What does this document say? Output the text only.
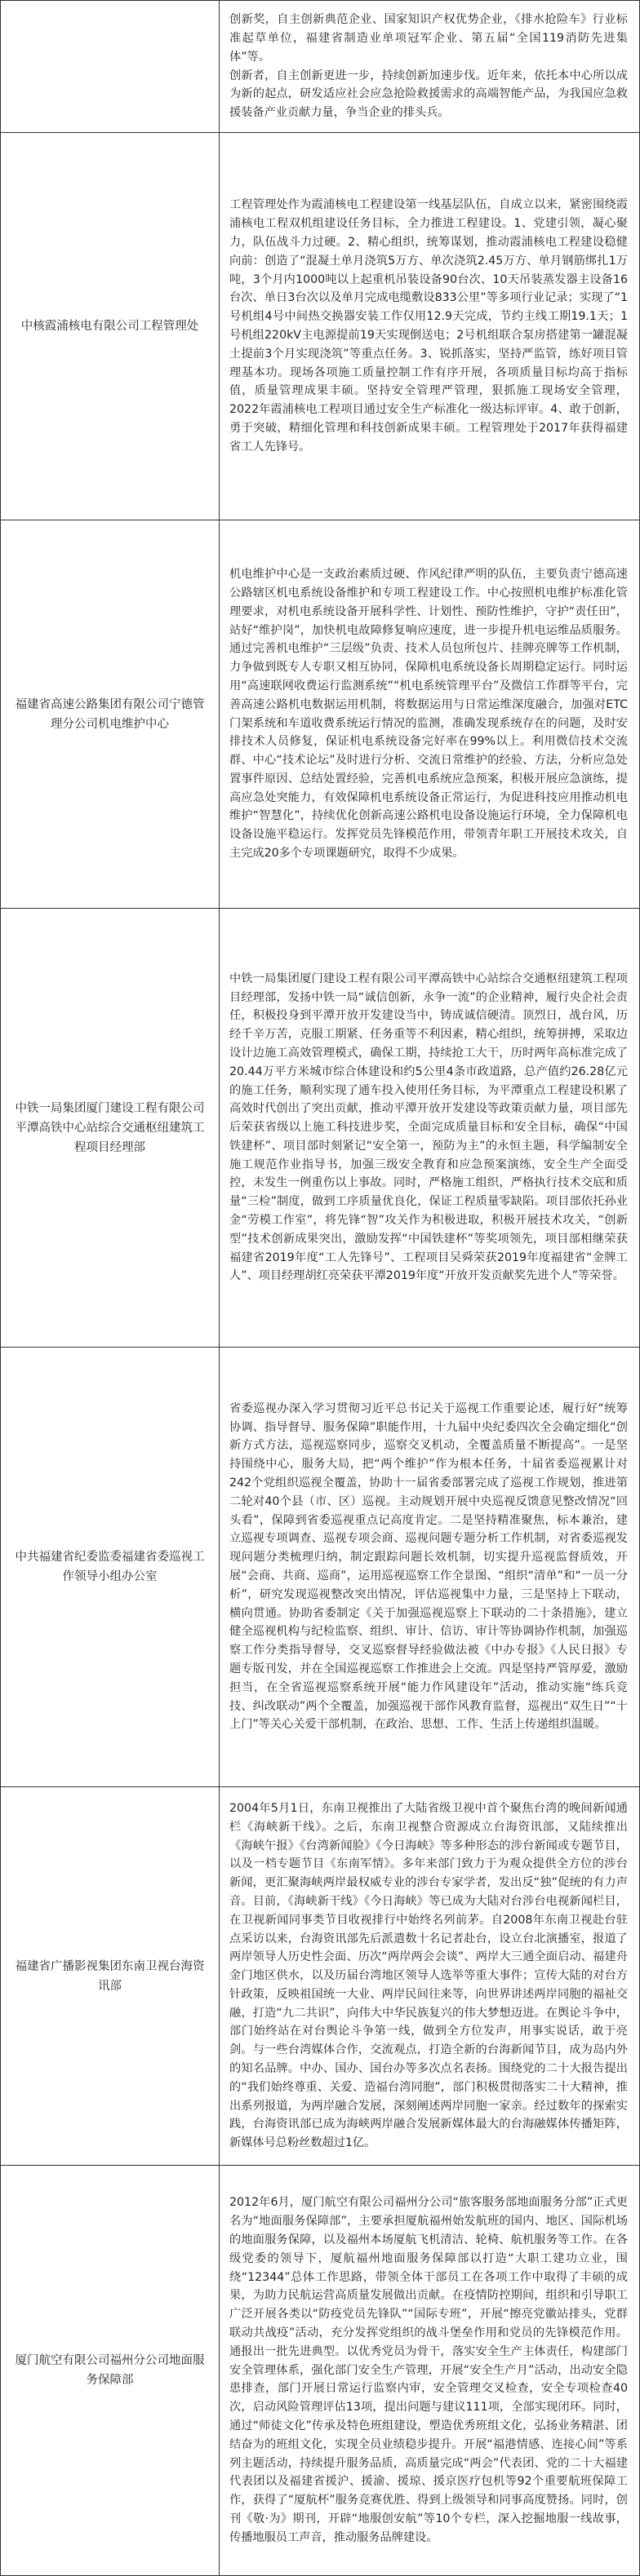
	创新奖，自主创新典范企业、国家知识产权优势企业，《排水抢险车》行业标准起草单位，福建省制造业单项冠军企业、第五届“全国119消防先进集体”等。
创新者，自主创新更进一步，持续创新加速步伐。近年来，依托本中心所以成为新的起点，研发适应社会应急抢险救援需求的高端智能产品，为我国应急救援装备产业贡献力量，争当企业的排头兵。

中核霞浦核电有限公司工程管理处	工程管理处作为霞浦核电工程建设第一线基层队伍，自成立以来，紧密围绕霞浦核电工程双机组建设任务目标，全力推进工程建设。1、党建引领，凝心聚力，队伍战斗力过硬。2、精心组织，统筹谋划，推动霞浦核电工程建设稳健向前：创造了“混凝土单月浇筑5万方、单次浇筑2.45万方、单月钢筋绑扎1万吨，3个月内1000吨以上起重机吊装设备90台次、10天吊装蒸发器主设备16台次、单日3台次以及单月完成电缆敷设833公里”等多项行业记录；实现了“1号机组4号中间热交换器安装工作仅用12.9天完成，节约主线工期19.1天；1号机组220kV主电源提前19天实现倒送电；2号机组联合泵房搭建第一罐混凝土提前3个月实现浇筑”等重点任务。3、锐抓落实，坚持严监管，练好项目管理基本功。现场各项施工质量控制工作有序开展，各项质量目标均高于指标值，质量管理成果丰硕。坚持安全管理严管理，狠抓施工现场安全管理，2022年霞浦核电工程项目通过安全生产标准化一级达标评审。4、敢于创新，勇于突破，精细化管理和科技创新成果丰硕。工程管理处于2017年获得福建省工人先锋号。
福建省高速公路集团有限公司宁德管理分公司机电维护中心	机电维护中心是一支政治素质过硬、作风纪律严明的队伍，主要负责宁德高速公路辖区机电系统设备维护和专项工程建设工作。中心按照机电维护标准化管理要求，对机电系统设备开展科学性、计划性、预防性维护，守护“责任田”，站好“维护岗”，加快机电故障修复响应速度，进一步提升机电运维品质服务。通过完善机电维护“三层级”负责、技术人员包所包片、挂牌亮牌等工作机制，力争做到既专人专职又相互协同，保障机电系统设备长周期稳定运行。同时运用“高速联网收费运行监测系统”“机电系统管理平台”及微信工作群等平台，完善高速公路机电数据运用机制，将数据运用与日常运维深度融合，加强对ETC门架系统和车道收费系统运行情况的监测，准确发现系统存在的问题，及时安排技术人员修复，保证机电系统设备完好率在99%以上。利用微信技术交流群、中心“技术论坛”及时进行分析、交流日常维护的经验、方法，分析应急处置事件原因、总结处置经验，完善机电系统应急预案，积极开展应急演练，提高应急处突能力，有效保障机电系统设备正常运行，为促进科技应用推动机电维护“智慧化”，持续优化创新高速公路机电设备设施运行环境，全力保障机电设备设施平稳运行。发挥党员先锋模范作用，带领青年职工开展技术攻关，自主完成20多个专项课题研究，取得不少成果。
中铁一局集团厦门建设工程有限公司平潭高铁中心站综合交通枢纽建筑工程项目经理部	中铁一局集团厦门建设工程有限公司平潭高铁中心站综合交通枢纽建筑工程项目经理部，发扬中铁一局“诚信创新，永争一流”的企业精神，履行央企社会责任，积极投身到平潭开放开发建设当中，铸成诚信硬清。顶烈日，战台风，历经千辛万苦，克服工期紧、任务重等不利因素，精心组织，统筹拼搏，采取边设计边施工高效管理模式，确保工期，持续抢工大干，历时两年高标准完成了20.44万平方米城市综合体建设和约5公里4条市政道路，总产值约26.28亿元的施工任务，顺利实现了通车投入使用任务目标，为平潭重点工程建设积累了高效时代创出了突出贡献，推动平潭开放开发建设等政策贡献力量，项目部先后荣获省级以上施工科技进步奖，全面完成质量目标和安全目标，确保“中国铁建杯”、项目部时刻紧记“安全第一，预防为主”的永恒主题，科学编制安全施工规范作业指导书，加强三级安全教育和应急预案演练，安全生产全面受控，未发生一例重伤以上事故。同时，严格施工组织，严格执行技术交底和质量“三检”制度，做到工序质量优良化，保证工程质量零缺陷。项目部依托孙业金“劳模工作室”，将先锋“智”攻关作为积极进取，积极开展技术攻关，“创新型”技术创新成果突出，激励发挥“中国铁建杯”等奖项领先，项目部相继荣获福建省2019年度“工人先锋号”、工程项目吴舜荣获2019年度福建省“金牌工人”、项目经理胡红亮荣获平潭2019年度“开放开发贡献奖先进个人”等荣誉。
中共福建省纪委监委福建省委巡视工作领导小组办公室	省委巡视办深入学习贯彻习近平总书记关于巡视工作重要论述，履行好“统筹协调、指导督导、服务保障”职能作用，十九届中央纪委四次全会确定细化“创新方式方法，巡视巡察同步，巡察交叉机动，全覆盖质量不断提高”。一是坚持围绕中心，服务大局，把“两个维护”作为根本任务，十届省委巡视累计对242个党组织巡视全覆盖，协助十一届省委部署完成了巡视工作规划，推进第二轮对40个县（市、区）巡视。主动规划开展中央巡视反馈意见整改情况“回头看”，保障到省委巡视重点记高度肯定。二是坚持精准聚焦，标本兼治，建立巡视专项调查、巡视专项会商、巡视问题专题分析工作机制，对省委巡视发现问题分类梳理归纳，制定跟踪问题长效机制，切实提升巡视监督质效，开展“会商、共商、巡商”，运用巡视巡察工作全景图、“组织“清单”和“一员一分析”，研究发现巡视整改突出情况，评估巡视集中力量，三是坚持上下联动，横向贯通。协助省委制定《关于加强巡视巡察上下联动的二十条措施》，建立健全巡视机构与纪检监察、组织、审计、信访、审计等协调协作机制，加强巡察工作分类指导督导，交叉巡察督导经验做法被《中办专报》《人民日报》专题专版刊发，并在全国巡视巡察工作推进会上交流。四是坚持严管厚爱，激励担当，在全省巡视巡察系统开展“能力作风建设年”活动，推动实施“练兵竞技、纠改联动”两个全覆盖，加强巡视干部作风教育监督，巡视出“双生日”“十上门”等关心关爱干部机制，在政治、思想、工作、生活上传递组织温暖。
福建省广播影视集团东南卫视台海资讯部	2004年5月1日，东南卫视推出了大陆省级卫视中首个聚焦台湾的晚间新闻通栏《海峡新干线》。之后，东南卫视整合资源成立台海资讯部，又陆续推出《海峡午报》《台湾新闻脸》《今日海峡》等多种形态的涉台新闻或专题节目，以及一档专题节目《东南军情》。多年来部门致力于为观众提供全方位的涉台新闻，更汇聚海峡两岸最权威专业的涉台专家学者，发出反“独”促统的有力声音。目前，《海峡新干线》《今日海峡》等已成为大陆对台涉台电视新闻栏目，在卫视新闻同事类节目收视排行中始终名列前茅。自2008年东南卫视赴台驻点采访以来，台海资讯部先后派遣数十名记者赴台，设立台北演播室，报道了两岸领导人历史性会面、历次“两岸两会会谈”、两岸大三通全面启动、福建舟金门地区供水，以及历届台湾地区领导人选举等重大事件；宣传大陆的对台方针政策，反映祖国统一大业、两岸民间往来等，向世界讲述两岸同胞的福祉交融，打造“九二共识”，向伟大中华民族复兴的伟大梦想迈进。在舆论斗争中，部门始终站在对台舆论斗争第一线，做到全方位发声，用事实说话，敢于亮剑。与一些台湾媒体合作，交流观点，打造全新的台海新闻节目，成为岛内外的知名品牌。中办、国办、国台办等多次点名表扬。围绕党的二十大报告提出的“我们始终尊重、关爱、造福台湾同胞”，部门积极贯彻落实二十大精神，推出系列报道，为两岸融合发展，深刻阐述两岸同胞一家亲。经过数年的探索实践，台海资讯部已成为海峡两岸融合发展新媒体最大的台海融媒体传播矩阵，新媒体号总粉丝数超过1亿。
厦门航空有限公司福州分公司地面服务保障部	2012年6月，厦门航空有限公司福州分公司“旅客服务部地面服务分部”正式更名为“地面服务保障部”，主要承担厦航福州始发航班的国内、地区、国际机场的地面服务保障，以及福州本场厦航飞机清洁、轮椅、航机服务等工作。在各级党委的领导下，厦航福州地面服务保障部以打造“大职工建功立业，围绕“12344”总体工作思路，带领全体干部员工在各项工作中取得了丰硕的成果，为助力民航运营高质量发展做出贡献。在疫情防控期间，组织和引导职工广泛开展各类以“防疫党员先锋队”“国际专班”，开展“擦亮党徽站排头，党群联动共战疫”活动，充分发挥党组织的战斗堡垒作用和党员的先锋模范作用。通报出一批先进典型。以优秀党员为骨干，落实安全生产主体责任，构建部门安全管理体系，强化部门安全生产管理，开展“安全生产月”活动，出动安全隐患排查，部门开展日常运行监察内审，安全管理交叉检查，安全专项检查40次，启动风险管理评估13项，提出问题与建议111项，全部实现闭环。同时，通过“师徒文化”传承及特色班组建设，塑造优秀班组文化，弘扬业务精湛、团结奋为的班组文化，实现全员业绩稳步提升。开展“福港情感、连接心间”等系列主题活动，持续提升服务品质，高质量完成“两会”代表团、党的二十大福建代表团以及福建省援沪、援渝、援琼、援京医疗包机等92个重要航班保障工作，获得了“厦航杯”服务竞赛优胜、得到上级领导和同事高度赞扬。同时，创刊《敬·为》期刊，开辟“地服创安航”等10个专栏，深入挖掘地服一线故事，传播地服员工声音，推动服务品牌建设。
